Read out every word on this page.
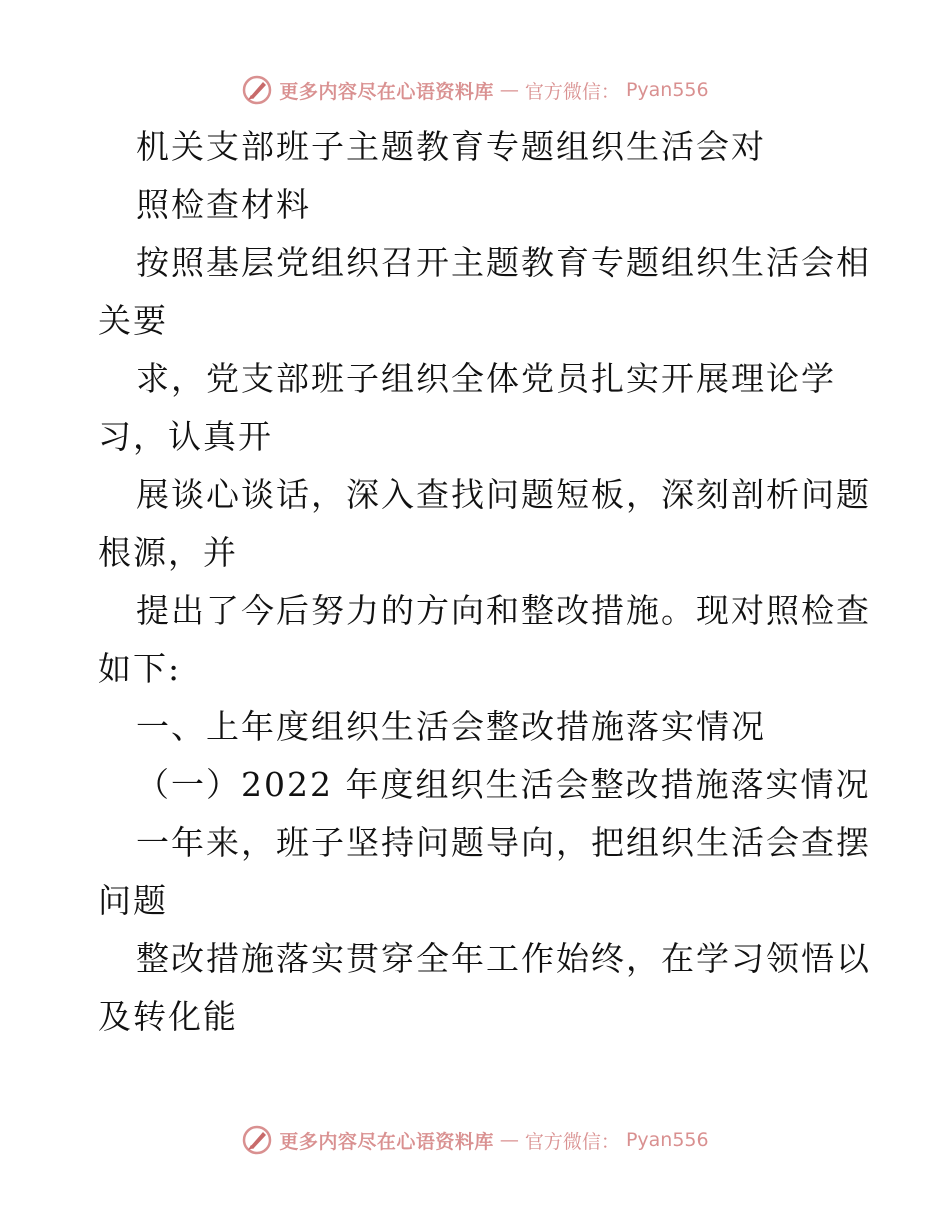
更多内容尽在心语资料库 — 官方微信： Pyan556
机关支部班子主题教育专题组织生活会对
照检查材料
按照基层党组织召开主题教育专题组织生活会相
关要
求，党支部班子组织全体党员扎实开展理论学
习，认真开
展谈心谈话，深入查找问题短板，深刻剖析问题
根源，并
提出了今后努力的方向和整改措施。现对照检查
如下:
一、上年度组织生活会整改措施落实情况
（一）2022 年度组织生活会整改措施落实情况
一年来，班子坚持问题导向，把组织生活会查摆
问题
整改措施落实贯穿全年工作始终，在学习领悟以
及转化能
更多内容尽在心语资料库 — 官方微信： Pyan556
